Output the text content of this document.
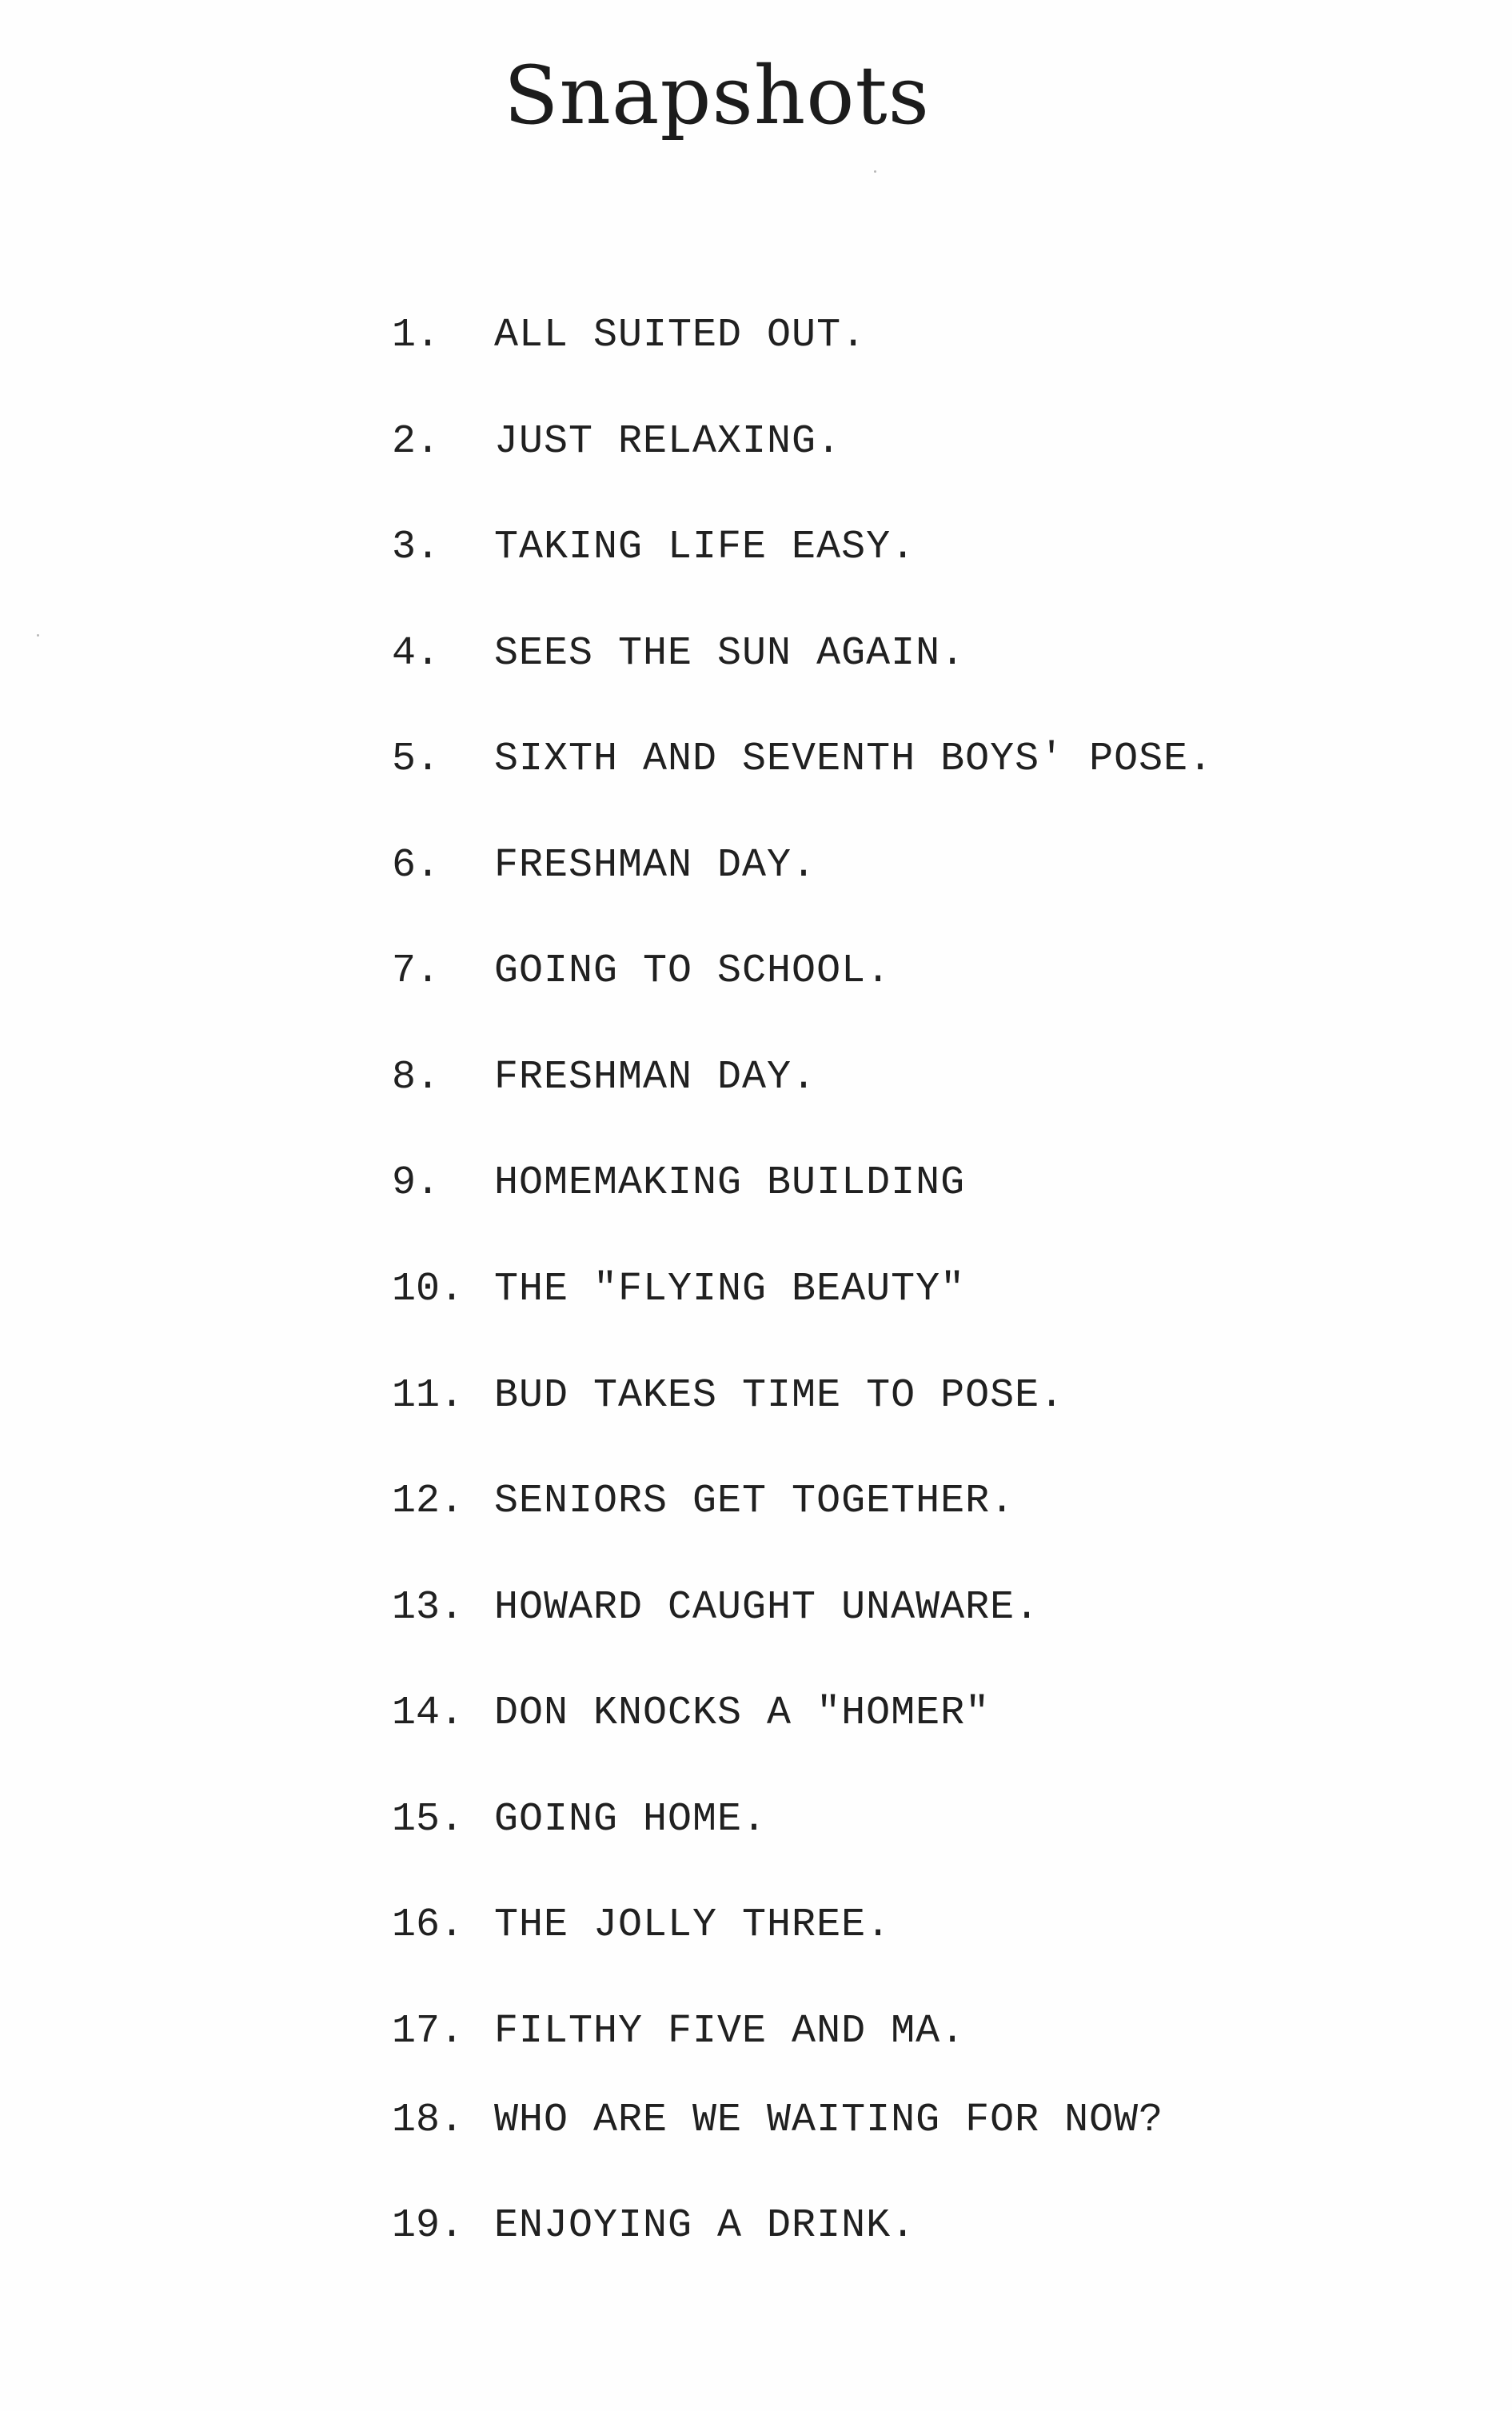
Snapshots
1.	ALL SUITED OUT.
2.	JUST RELAXING.
3.	TAKING LIFE EASY.
4.	SEES THE SUN AGAIN.
5.	SIXTH AND SEVENTH BOYS' POSE.
6.	FRESHMAN DAY.
7.	GOING TO SCHOOL.
8.	FRESHMAN DAY.
9.	HOMEMAKING BUILDING
10. THE "FLYING BEAUTY"
11. BUD TAKES TIME TO POSE.
12. SENIORS GET TOGETHER.
13. HOWARD CAUGHT UNAWARE.
14. DON KNOCKS A "HOMER"
15. GOING HOME.
16. THE JOLLY THREE.
17. FILTHY FIVE AND MA.
18. WHO ARE WE WAITING FOR NOW?
19. ENJOYING A DRINK.
